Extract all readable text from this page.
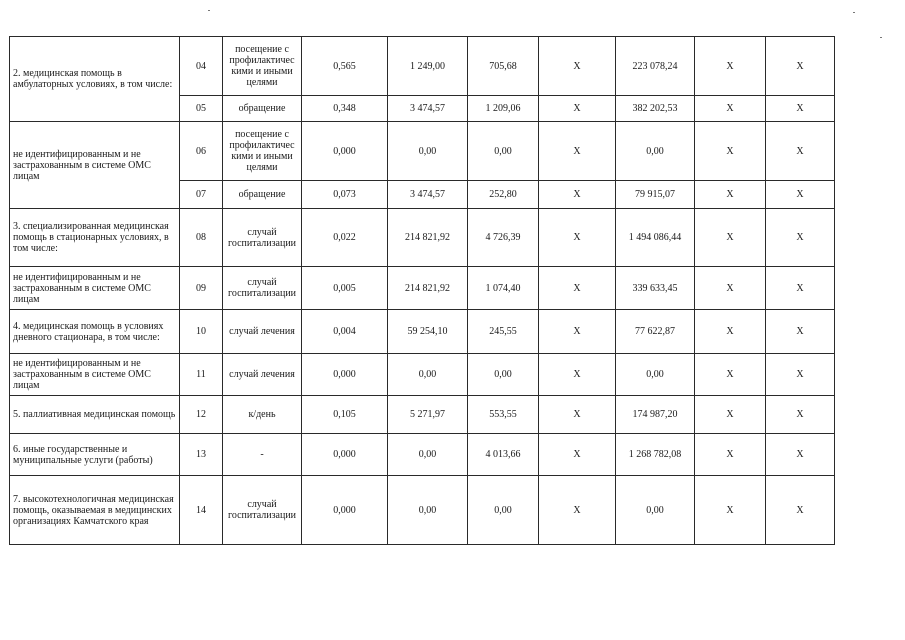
2. медицинская помощь в амбулаторных условиях, в том числе:	04	посещение с профилактичес кими и иными целями	0,565	1 249,00	705,68	X	223 078,24	X	X
	05	обращение	0,348	3 474,57	1 209,06	X	382 202,53	X	X
не идентифицированным и не застрахованным в системе ОМС лицам	06	посещение с профилактичес кими и иными целями	0,000	0,00	0,00	X	0,00	X	X
	07	обращение	0,073	3 474,57	252,80	X	79 915,07	X	X
3. специализированная медицинская помощь в стационарных условиях, в том числе:	08	случай госпитализации	0,022	214 821,92	4 726,39	X	1 494 086,44	X	X
не идентифицированным и не застрахованным в системе ОМС лицам	09	случай госпитализации	0,005	214 821,92	1 074,40	X	339 633,45	X	X
4. медицинская помощь в условиях дневного стационара, в том числе:	10	случай лечения	0,004	59 254,10	245,55	X	77 622,87	X	X
не идентифицированным и не застрахованным в системе ОМС лицам	11	случай лечения	0,000	0,00	0,00	X	0,00	X	X
5. паллиативная медицинская помощь	12	к/день	0,105	5 271,97	553,55	X	174 987,20	X	X
6. иные государственные и муниципальные услуги (работы)	13	-	0,000	0,00	4 013,66	X	1 268 782,08	X	X
7. высокотехнологичная медицинская помощь, оказываемая в медицинских организациях Камчатского края	14	случай госпитализации	0,000	0,00	0,00	X	0,00	X	X
